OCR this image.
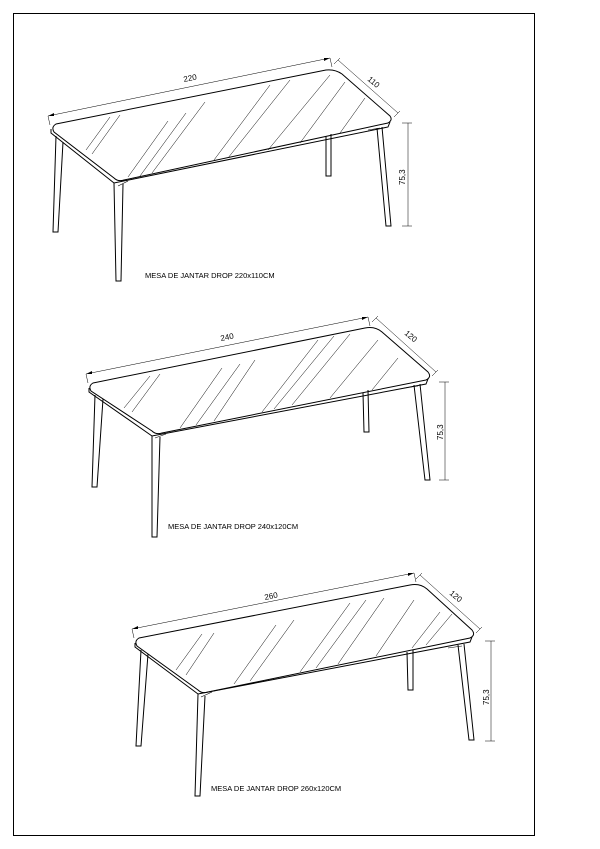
220	110
75,3
MESA DE JANTAR DROP 220x110CM
240	120
75,3
MESA DE JANTAR DROP 240x120CM
260	120
75,3
MESA DE JANTAR DROP 260x120CM
